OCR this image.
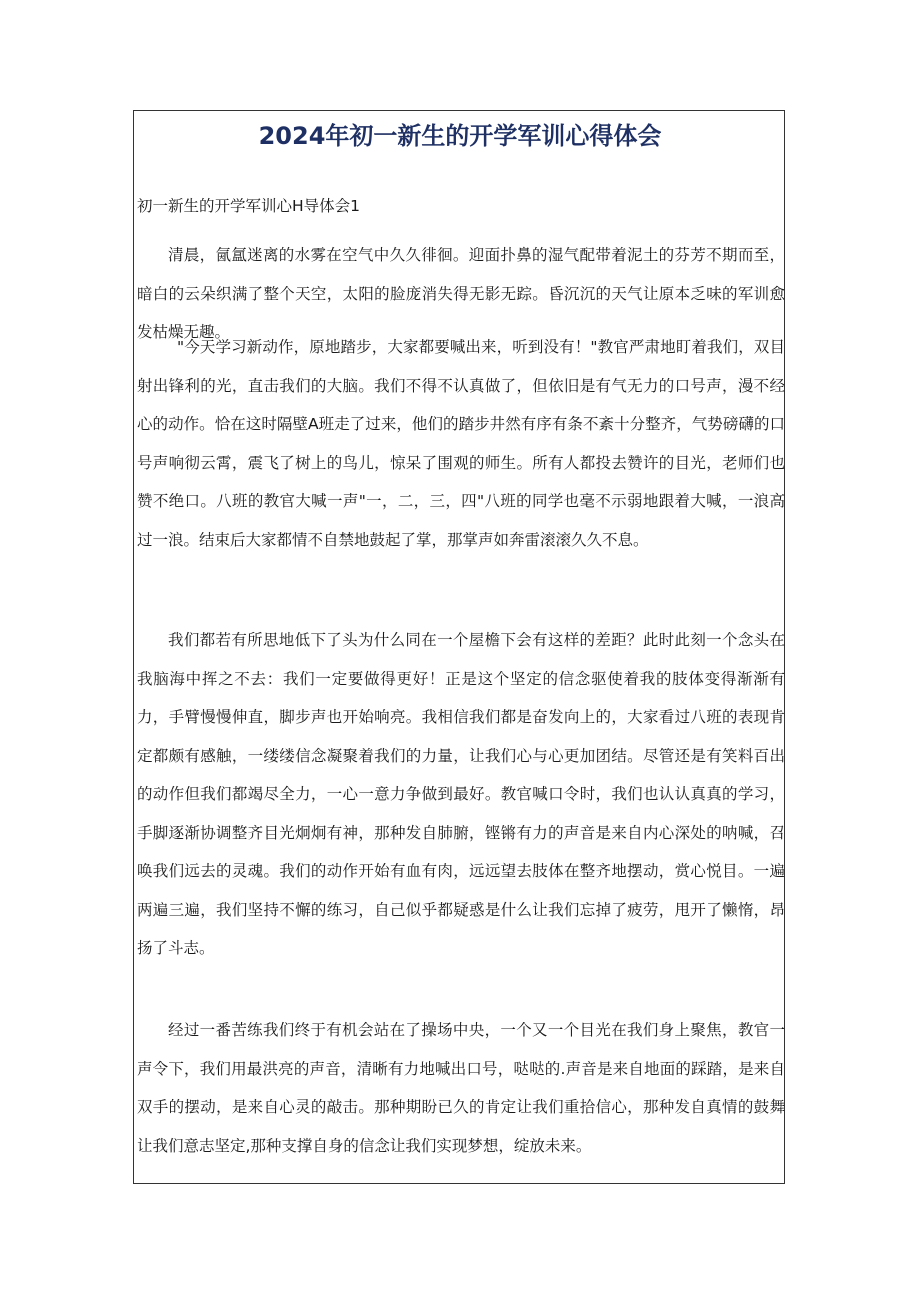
2024年初一新生的开学军训心得体会
初一新生的开学军训心H导体会1

清晨，氤氲迷离的水雾在空气中久久徘徊。迎面扑鼻的湿气配带着泥土的芬芳不期而至，暗白的云朵织满了整个天空，太阳的脸庞消失得无影无踪。昏沉沉的天气让原本乏味的军训愈发枯燥无趣。

"今天学习新动作，原地踏步，大家都要喊出来，听到没有！"教官严肃地盯着我们，双目射出锋利的光，直击我们的大脑。我们不得不认真做了，但依旧是有气无力的口号声，漫不经心的动作。恰在这时隔壁A班走了过来，他们的踏步井然有序有条不紊十分整齐，气势磅礴的口号声响彻云霄，震飞了树上的鸟儿，惊呆了围观的师生。所有人都投去赞许的目光，老师们也赞不绝口。八班的教官大喊一声"一，二，三，四"八班的同学也毫不示弱地跟着大喊，一浪高过一浪。结束后大家都情不自禁地鼓起了掌，那掌声如奔雷滚滚久久不息。

我们都若有所思地低下了头为什么同在一个屋檐下会有这样的差距？此时此刻一个念头在我脑海中挥之不去：我们一定要做得更好！正是这个坚定的信念驱使着我的肢体变得渐渐有力，手臂慢慢伸直，脚步声也开始响亮。我相信我们都是奋发向上的，大家看过八班的表现肯定都颇有感触，一缕缕信念凝聚着我们的力量，让我们心与心更加团结。尽管还是有笑料百出的动作但我们都竭尽全力，一心一意力争做到最好。教官喊口令时，我们也认认真真的学习，手脚逐渐协调整齐目光炯炯有神，那种发自肺腑，铿锵有力的声音是来自内心深处的呐喊，召唤我们远去的灵魂。我们的动作开始有血有肉，远远望去肢体在整齐地摆动，赏心悦目。一遍两遍三遍，我们坚持不懈的练习，自己似乎都疑惑是什么让我们忘掉了疲劳，甩开了懒惰，昂扬了斗志。

经过一番苦练我们终于有机会站在了操场中央，一个又一个目光在我们身上聚焦，教官一声令下，我们用最洪亮的声音，清晰有力地喊出口号，哒哒的.声音是来自地面的踩踏，是来自双手的摆动，是来自心灵的敲击。那种期盼已久的肯定让我们重拾信心，那种发自真情的鼓舞让我们意志坚定,那种支撑自身的信念让我们实现梦想，绽放未来。
